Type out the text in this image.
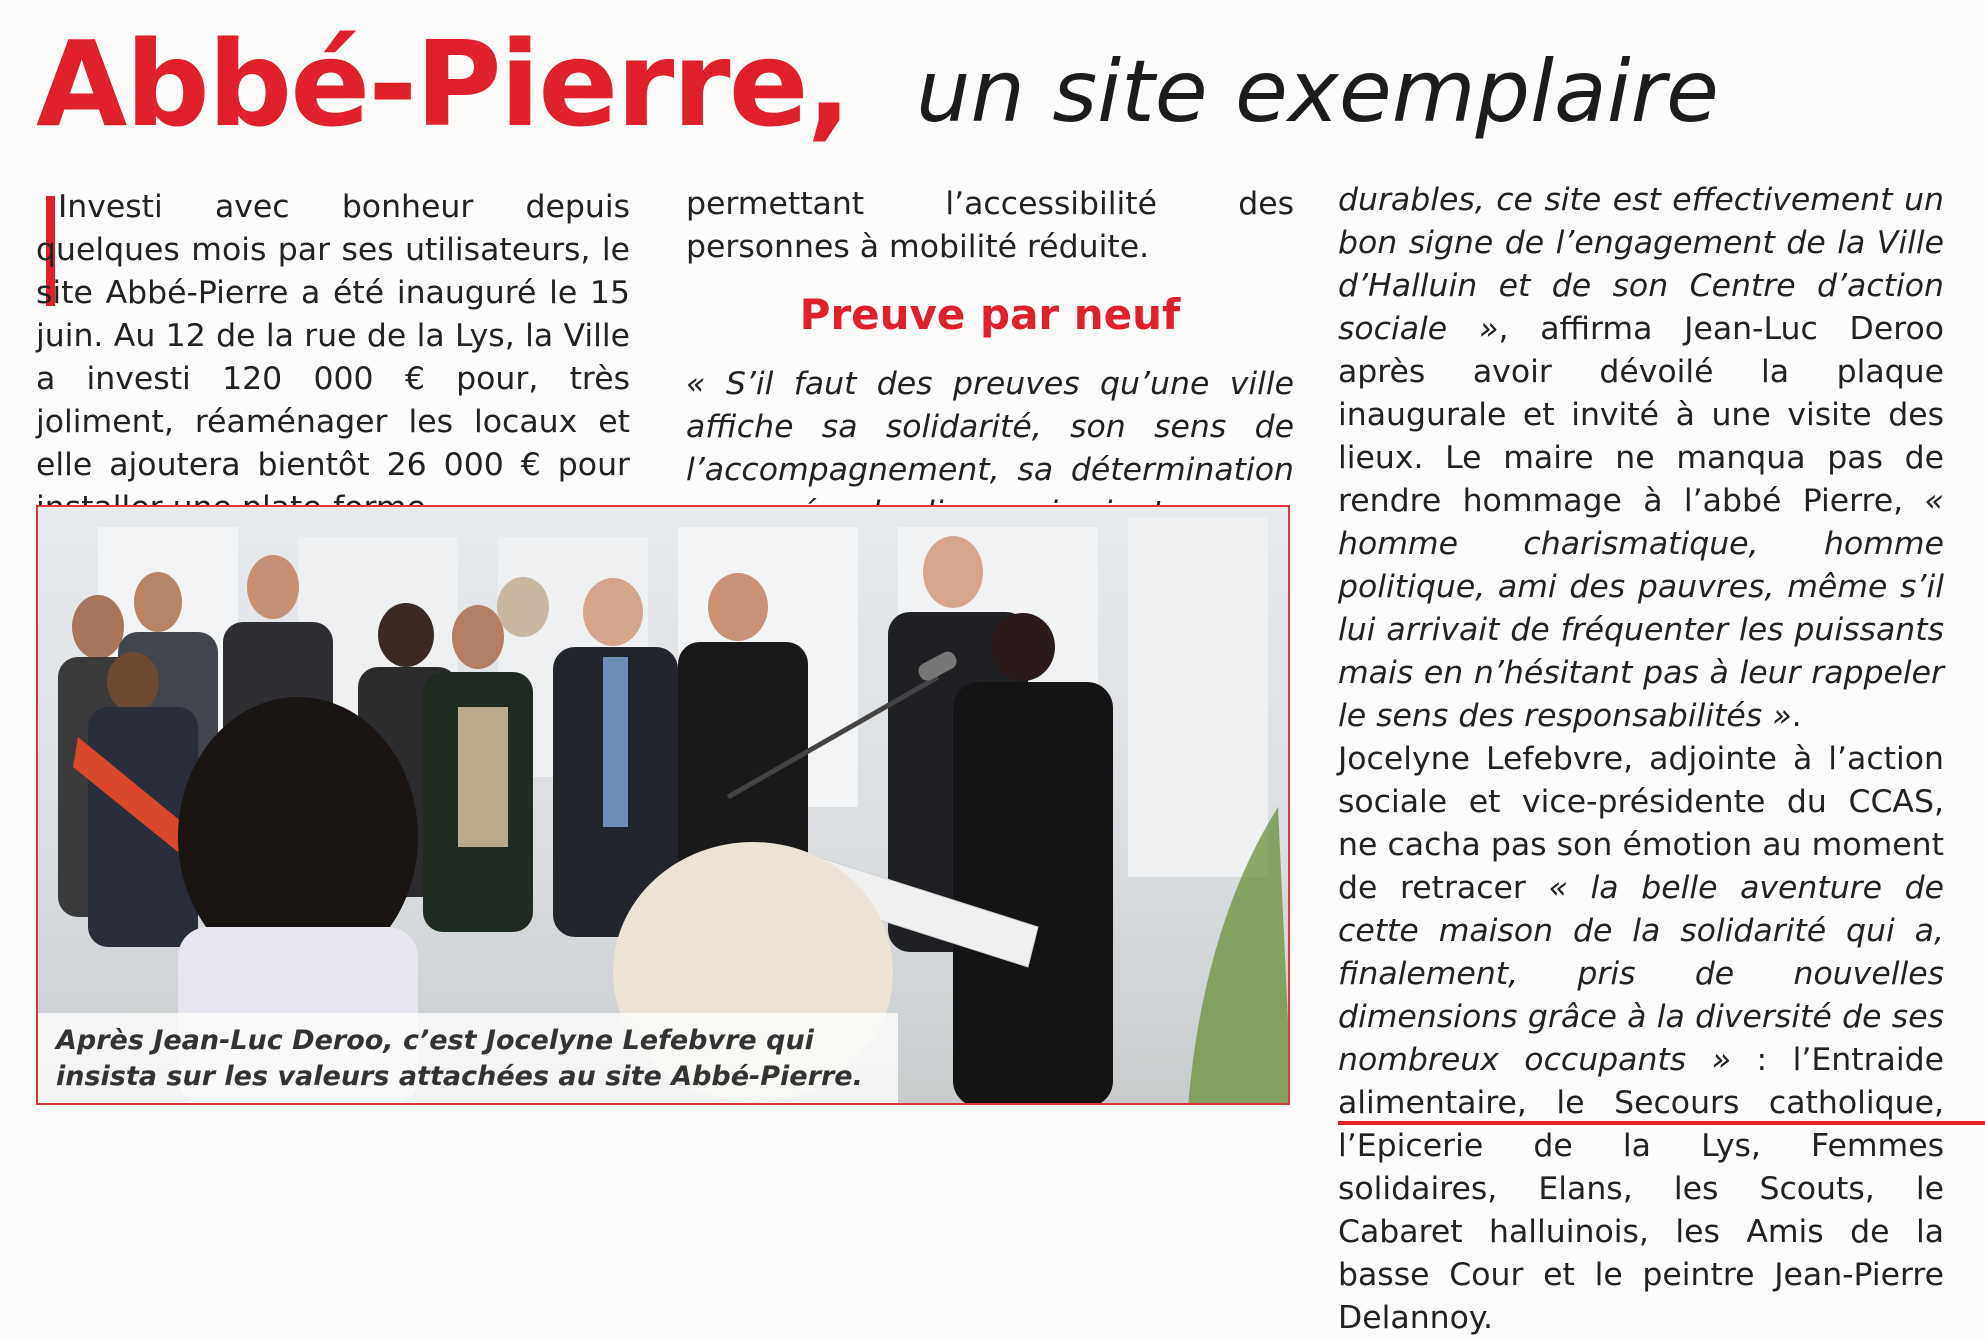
Abbé-Pierre, un site exemplaire

Investi avec bonheur depuis quelques mois par ses utilisateurs, le site Abbé-Pierre a été inauguré le 15 juin. Au 12 de la rue de la Lys, la Ville a investi 120 000 € pour, très joliment, réaménager les locaux et elle ajoutera bientôt 26 000 € pour

permettant l’accessibilité des personnes à mobilité réduite.

Preuve par neuf

« S’il faut des preuves qu’une ville affiche sa solidarité, son sens de l’accompagnement, sa détermination

durables, ce site est effectivement un bon signe de l’engagement de la Ville d’Halluin et de son Centre d’action sociale », affirma Jean-Luc Deroo après avoir dévoilé la plaque inaugurale et invité à une visite des lieux. Le maire ne manqua pas de rendre hommage à l’abbé Pierre, « homme charismatique, homme politique, ami des pauvres, même s’il lui arrivait de fréquenter les puissants mais en n’hésitant pas à leur rappeler le sens des responsabilités ».

Jocelyne Lefebvre, adjointe à l’action sociale et vice-présidente du CCAS, ne cacha pas son émotion au moment de retracer « la belle aventure de cette maison de la solidarité qui a, finalement, pris de nouvelles dimensions grâce à la diversité de ses nombreux occupants » : l’Entraide alimentaire, le Secours catholique, l’Epicerie de la Lys, Femmes solidaires, Elans, les Scouts, le Cabaret halluinois, les Amis de la basse Cour et le peintre Jean-Pierre Delannoy.

Après Jean-Luc Deroo, c’est Jocelyne Lefebvre qui
insista sur les valeurs attachées au site Abbé-Pierre.
